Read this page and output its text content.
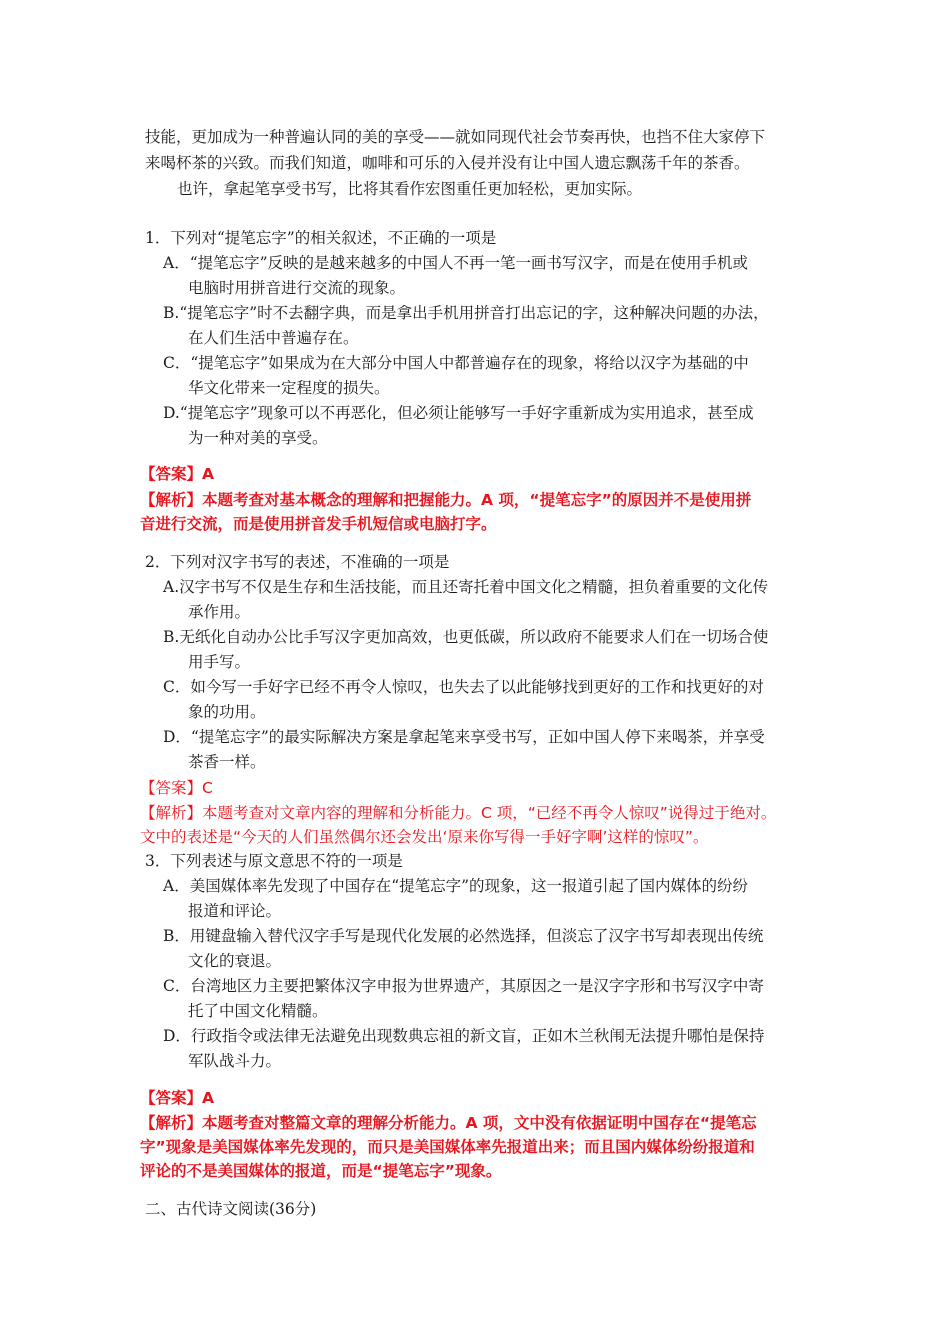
技能，更加成为一种普遍认同的美的享受——就如同现代社会节奏再快，也挡不住大家停下
来喝杯茶的兴致。而我们知道，咖啡和可乐的入侵并没有让中国人遗忘飘荡千年的茶香。
也许，拿起笔享受书写，比将其看作宏图重任更加轻松，更加实际。
1．下列对“提笔忘字”的相关叙述，不正确的一项是
A．“提笔忘字”反映的是越来越多的中国人不再一笔一画书写汉字，而是在使用手机或
电脑时用拼音进行交流的现象。
B.“提笔忘字”时不去翻字典，而是拿出手机用拼音打出忘记的字，这种解决问题的办法，
在人们生活中普遍存在。
C．“提笔忘字”如果成为在大部分中国人中都普遍存在的现象，将给以汉字为基础的中
华文化带来一定程度的损失。
D.“提笔忘字”现象可以不再恶化，但必须让能够写一手好字重新成为实用追求，甚至成
为一种对美的享受。
【答案】A
【解析】本题考查对基本概念的理解和把握能力。A 项，“提笔忘字”的原因并不是使用拼
音进行交流，而是使用拼音发手机短信或电脑打字。
2．下列对汉字书写的表述，不准确的一项是
A.汉字书写不仅是生存和生活技能，而且还寄托着中国文化之精髓，担负着重要的文化传
承作用。
B.无纸化自动办公比手写汉字更加高效，也更低碳，所以政府不能要求人们在一切场合使
用手写。
C．如今写一手好字已经不再令人惊叹，也失去了以此能够找到更好的工作和找更好的对
象的功用。
D．“提笔忘字”的最实际解决方案是拿起笔来享受书写，正如中国人停下来喝茶，并享受
茶香一样。
【答案】C
【解析】本题考查对文章内容的理解和分析能力。C 项，“已经不再令人惊叹”说得过于绝对。
文中的表述是“今天的人们虽然偶尔还会发出‘原来你写得一手好字啊’这样的惊叹”。
3．下列表述与原文意思不符的一项是
A．美国媒体率先发现了中国存在“提笔忘字”的现象，这一报道引起了国内媒体的纷纷
报道和评论。
B．用键盘输入替代汉字手写是现代化发展的必然选择，但淡忘了汉字书写却表现出传统
文化的衰退。
C．台湾地区力主要把繁体汉字申报为世界遗产，其原因之一是汉字字形和书写汉字中寄
托了中国文化精髓。
D．行政指令或法律无法避免出现数典忘祖的新文盲，正如木兰秋闱无法提升哪怕是保持
军队战斗力。
【答案】A
【解析】本题考查对整篇文章的理解分析能力。A 项，文中没有依据证明中国存在“提笔忘
字”现象是美国媒体率先发现的，而只是美国媒体率先报道出来；而且国内媒体纷纷报道和
评论的不是美国媒体的报道，而是“提笔忘字”现象。
二、古代诗文阅读(36分)
